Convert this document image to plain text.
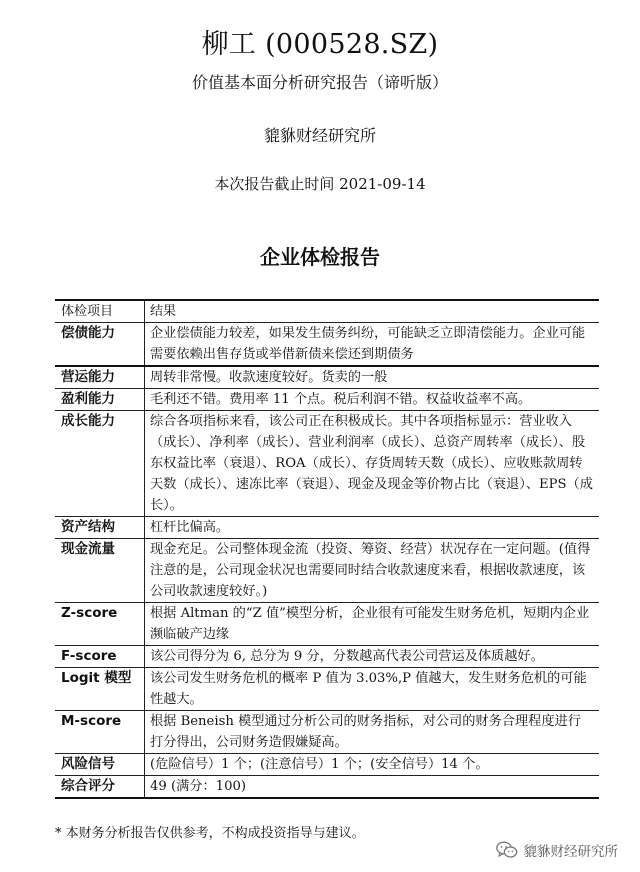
柳工 (000528.SZ)
价值基本面分析研究报告（谛听版）
貔貅财经研究所
本次报告截止时间 2021-09-14
企业体检报告
体检项目	结果
偿债能力	企业偿债能力较差，如果发生债务纠纷，可能缺乏立即清偿能力。企业可能需要依赖出售存货或举借新债来偿还到期债务
营运能力	周转非常慢。收款速度较好。货卖的一般
盈利能力	毛利还不错。费用率 11 个点。税后利润不错。权益收益率不高。
成长能力	综合各项指标来看，该公司正在积极成长。其中各项指标显示：营业收入（成长）、净利率（成长）、营业利润率（成长）、总资产周转率（成长）、股东权益比率（衰退）、ROA（成长）、存货周转天数（成长）、应收账款周转天数（成长）、速冻比率（衰退）、现金及现金等价物占比（衰退）、EPS（成长）。
资产结构	杠杆比偏高。
现金流量	现金充足。公司整体现金流（投资、筹资、经营）状况存在一定问题。(值得注意的是，公司现金状况也需要同时结合收款速度来看，根据收款速度，该公司收款速度较好。)
Z-score	根据 Altman 的“Z 值”模型分析，企业很有可能发生财务危机，短期内企业濒临破产边缘
F-score	该公司得分为 6, 总分为 9 分，分数越高代表公司营运及体质越好。
Logit 模型	该公司发生财务危机的概率 P 值为 3.03%,P 值越大，发生财务危机的可能性越大。
M-score	根据 Beneish 模型通过分析公司的财务指标，对公司的财务合理程度进行打分得出，公司财务造假嫌疑高。
风险信号	(危险信号）1 个；(注意信号）1 个；(安全信号）14 个。
综合评分	49 (满分：100)
* 本财务分析报告仅供参考，不构成投资指导与建议。
貔貅财经研究所
